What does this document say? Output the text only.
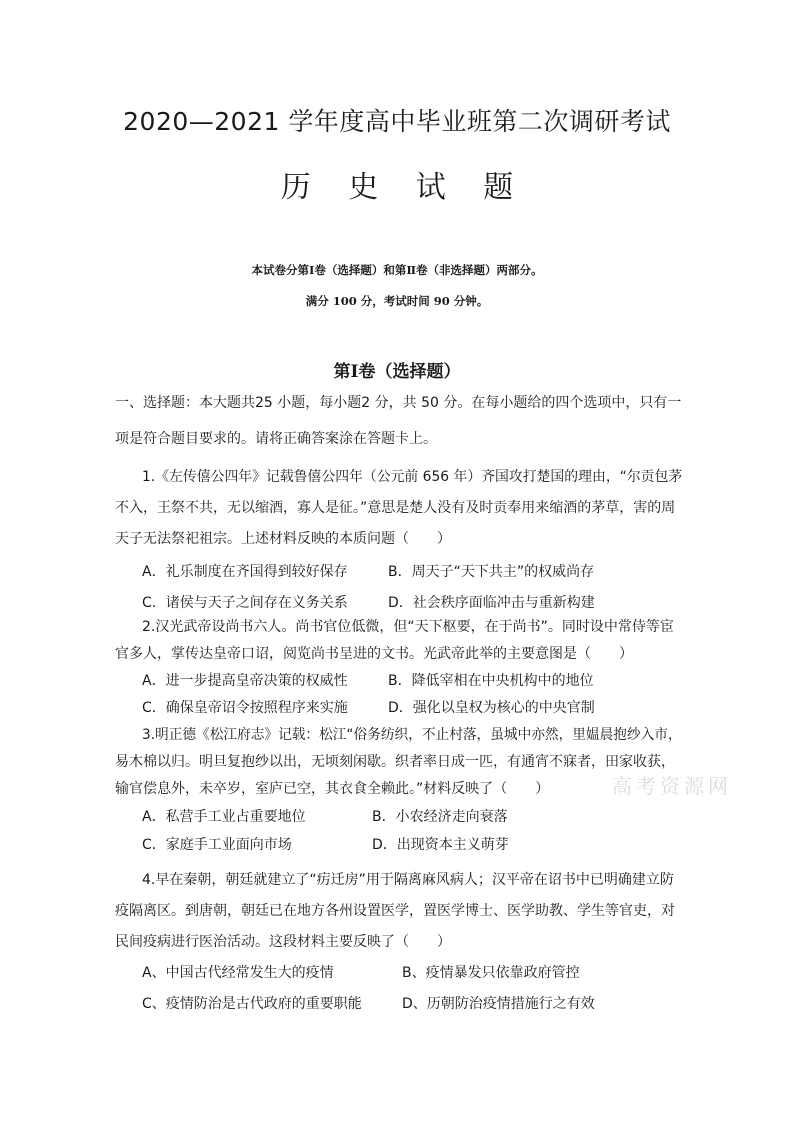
2020—2021 学年度高中毕业班第二次调研考试
历 史 试 题
本试卷分第Ⅰ卷（选择题）和第Ⅱ卷（非选择题）两部分。
满分 100 分，考试时间 90 分钟。
第Ⅰ卷（选择题）
一、选择题：本大题共25 小题，每小题2 分，共 50 分。在每小题给的四个选项中，只有一
项是符合题目要求的。请将正确答案涂在答题卡上。
1.《左传僖公四年》记载鲁僖公四年（公元前 656 年）齐国攻打楚国的理由，“尔贡包茅
不入，王祭不共，无以缩酒，寡人是征。”意思是楚人没有及时贡奉用来缩酒的茅草，害的周
天子无法祭祀祖宗。上述材料反映的本质问题（　　）
A．礼乐制度在齐国得到较好保存	B．周天子“天下共主”的权威尚存
C．诸侯与天子之间存在义务关系	D．社会秩序面临冲击与重新构建
2.汉光武帝设尚书六人。尚书官位低微，但“天下枢要，在于尚书”。同时设中常侍等宦
官多人，掌传达皇帝口诏，阅览尚书呈进的文书。光武帝此举的主要意图是（　　）
A．进一步提高皇帝决策的权威性	B．降低宰相在中央机构中的地位
C．确保皇帝诏令按照程序来实施	D．强化以皇权为核心的中央官制
3.明正德《松江府志》记载：松江“俗务纺织，不止村落，虽城中亦然，里媪晨抱纱入市，
易木棉以归。明旦复抱纱以出，无顷刻闲歇。织者率日成一匹，有通宵不寐者，田家收获，
输官偿息外，未卒岁，室庐已空，其衣食全赖此。”材料反映了（　　）
A．私营手工业占重要地位	B．小农经济走向衰落
C．家庭手工业面向市场	D．出现资本主义萌芽
4.早在秦朝，朝廷就建立了“疠迁房”用于隔离麻风病人；汉平帝在诏书中已明确建立防
疫隔离区。到唐朝，朝廷已在地方各州设置医学，置医学博士、医学助教、学生等官吏，对
民间疫病进行医治活动。这段材料主要反映了（　　）
A、中国古代经常发生大的疫情	B、疫情暴发只依靠政府管控
C、疫情防治是古代政府的重要职能	D、历朝防治疫情措施行之有效
高考资源网
